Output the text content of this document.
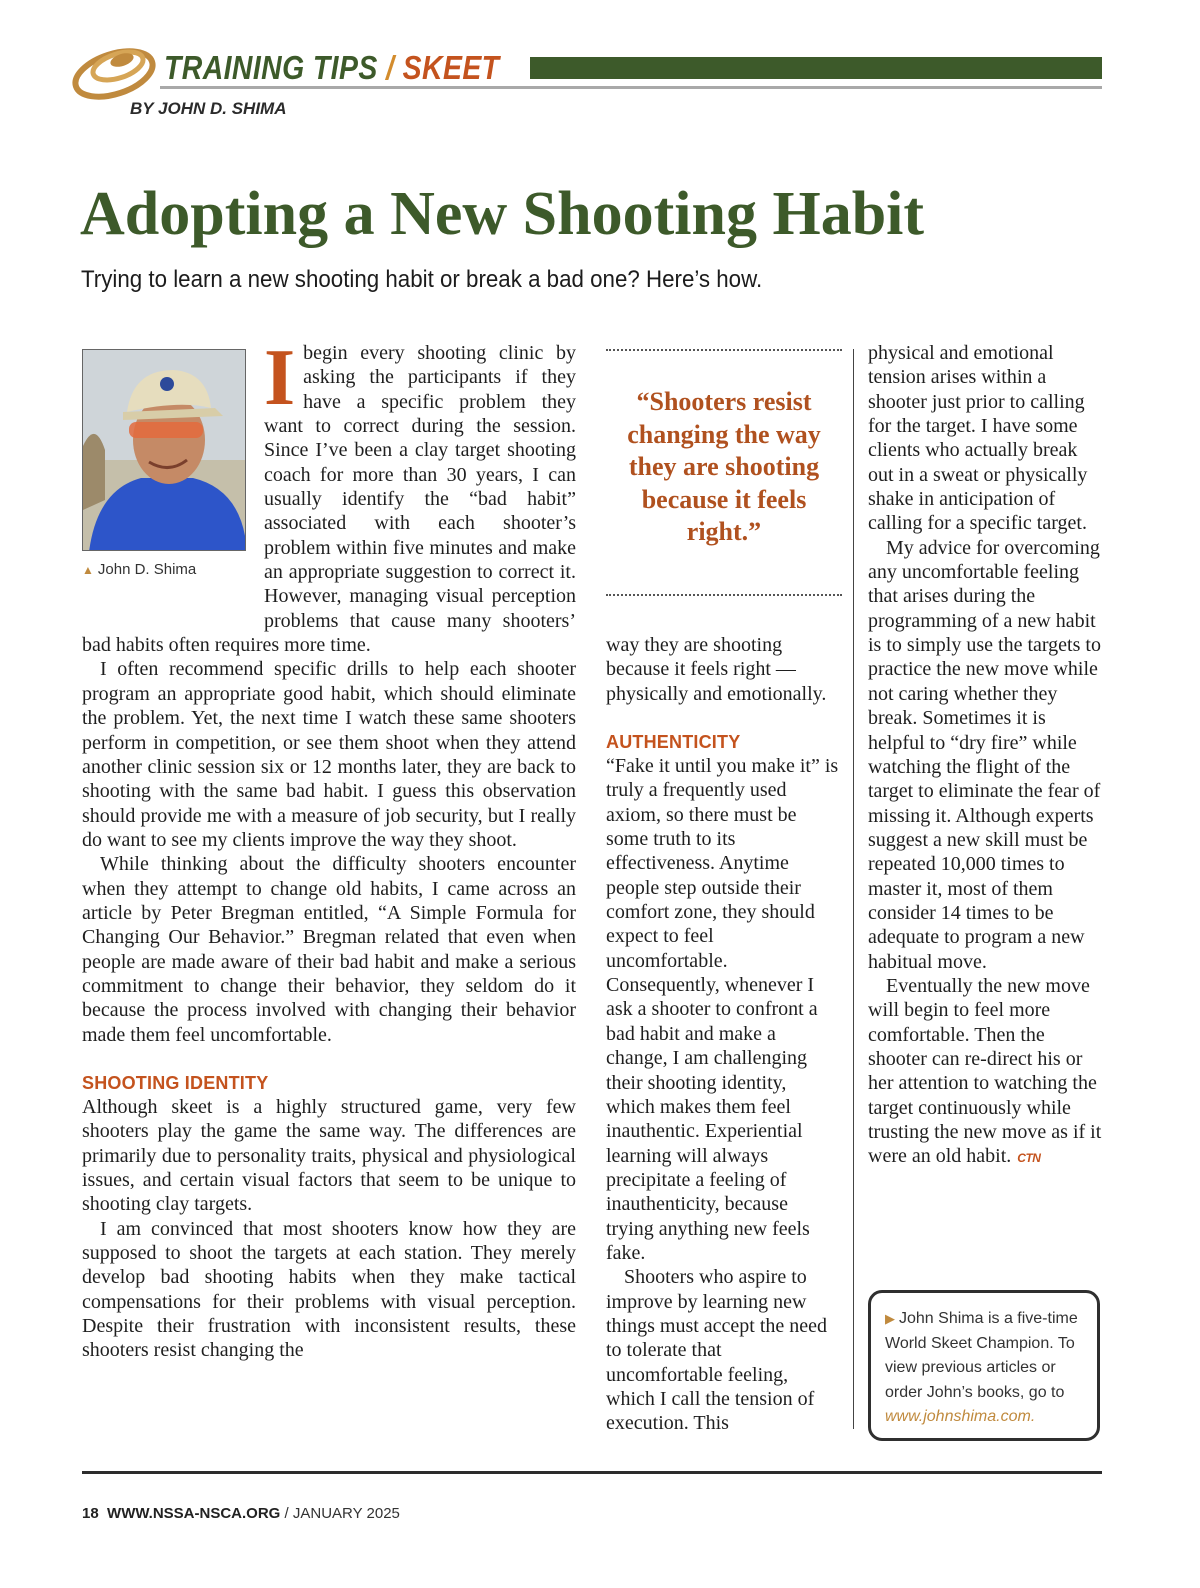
TRAINING TIPS / SKEET
BY JOHN D. SHIMA
Adopting a New Shooting Habit
Trying to learn a new shooting habit or break a bad one? Here’s how.
▲ John D. Shima

Ibegin every shooting clinic by asking the participants if they have a specific problem they want to correct during the session. Since I’ve been a clay target shooting coach for more than 30 years, I can usually identify the “bad habit” associated with each shooter’s problem within five minutes and make an appropriate suggestion to correct it. However, managing visual perception problems that cause many shooters’ bad habits often requires more time.

I often recommend specific drills to help each shooter program an appropriate good habit, which should eliminate the problem. Yet, the next time I watch these same shooters perform in competition, or see them shoot when they attend another clinic session six or 12 months later, they are back to shooting with the same bad habit. I guess this observation should provide me with a measure of job security, but I really do want to see my clients improve the way they shoot.

While thinking about the difficulty shooters encounter when they attempt to change old habits, I came across an article by Peter Bregman entitled, “A Simple Formula for Changing Our Behavior.” Bregman related that even when people are made aware of their bad habit and make a serious commitment to change their behavior, they seldom do it because the process involved with changing their behavior made them feel uncomfortable.

SHOOTING IDENTITY

Although skeet is a highly structured game, very few shooters play the game the same way. The differences are primarily due to personality traits, physical and physiological issues, and certain visual factors that seem to be unique to shooting clay targets.

I am convinced that most shooters know how they are supposed to shoot the targets at each station. They merely develop bad shooting habits when they make tactical compensations for their problems with visual perception. Despite their frustration with inconsistent results, these shooters resist changing the

“Shooters resist changing the way they are shooting because it feels right.”

way they are shooting because it feels right — physically and emotionally.

AUTHENTICITY

“Fake it until you make it” is truly a frequently used axiom, so there must be some truth to its effectiveness. Anytime people step outside their comfort zone, they should expect to feel uncomfortable. Consequently, whenever I ask a shooter to confront a bad habit and make a change, I am challenging their shooting identity, which makes them feel inauthentic. Experiential learning will always precipitate a feeling of inauthenticity, because trying anything new feels fake.

Shooters who aspire to improve by learning new things must accept the need to tolerate that uncomfortable feeling, which I call the tension of execution. This

physical and emotional tension arises within a shooter just prior to calling for the target. I have some clients who actually break out in a sweat or physically shake in anticipation of calling for a specific target.

My advice for overcoming any uncomfortable feeling that arises during the programming of a new habit is to simply use the targets to practice the new move while not caring whether they break. Sometimes it is helpful to “dry fire” while watching the flight of the target to eliminate the fear of missing it. Although experts suggest a new skill must be repeated 10,000 times to master it, most of them consider 14 times to be adequate to program a new habitual move.

Eventually the new move will begin to feel more comfortable. Then the shooter can re-direct his or her attention to watching the target continuously while trusting the new move as if it were an old habit. CTN

▶ John Shima is a five-time World Skeet Champion. To view previous articles or order John’s books, go to www.johnshima.com.
18 WWW.NSSA-NSCA.ORG / JANUARY 2025
